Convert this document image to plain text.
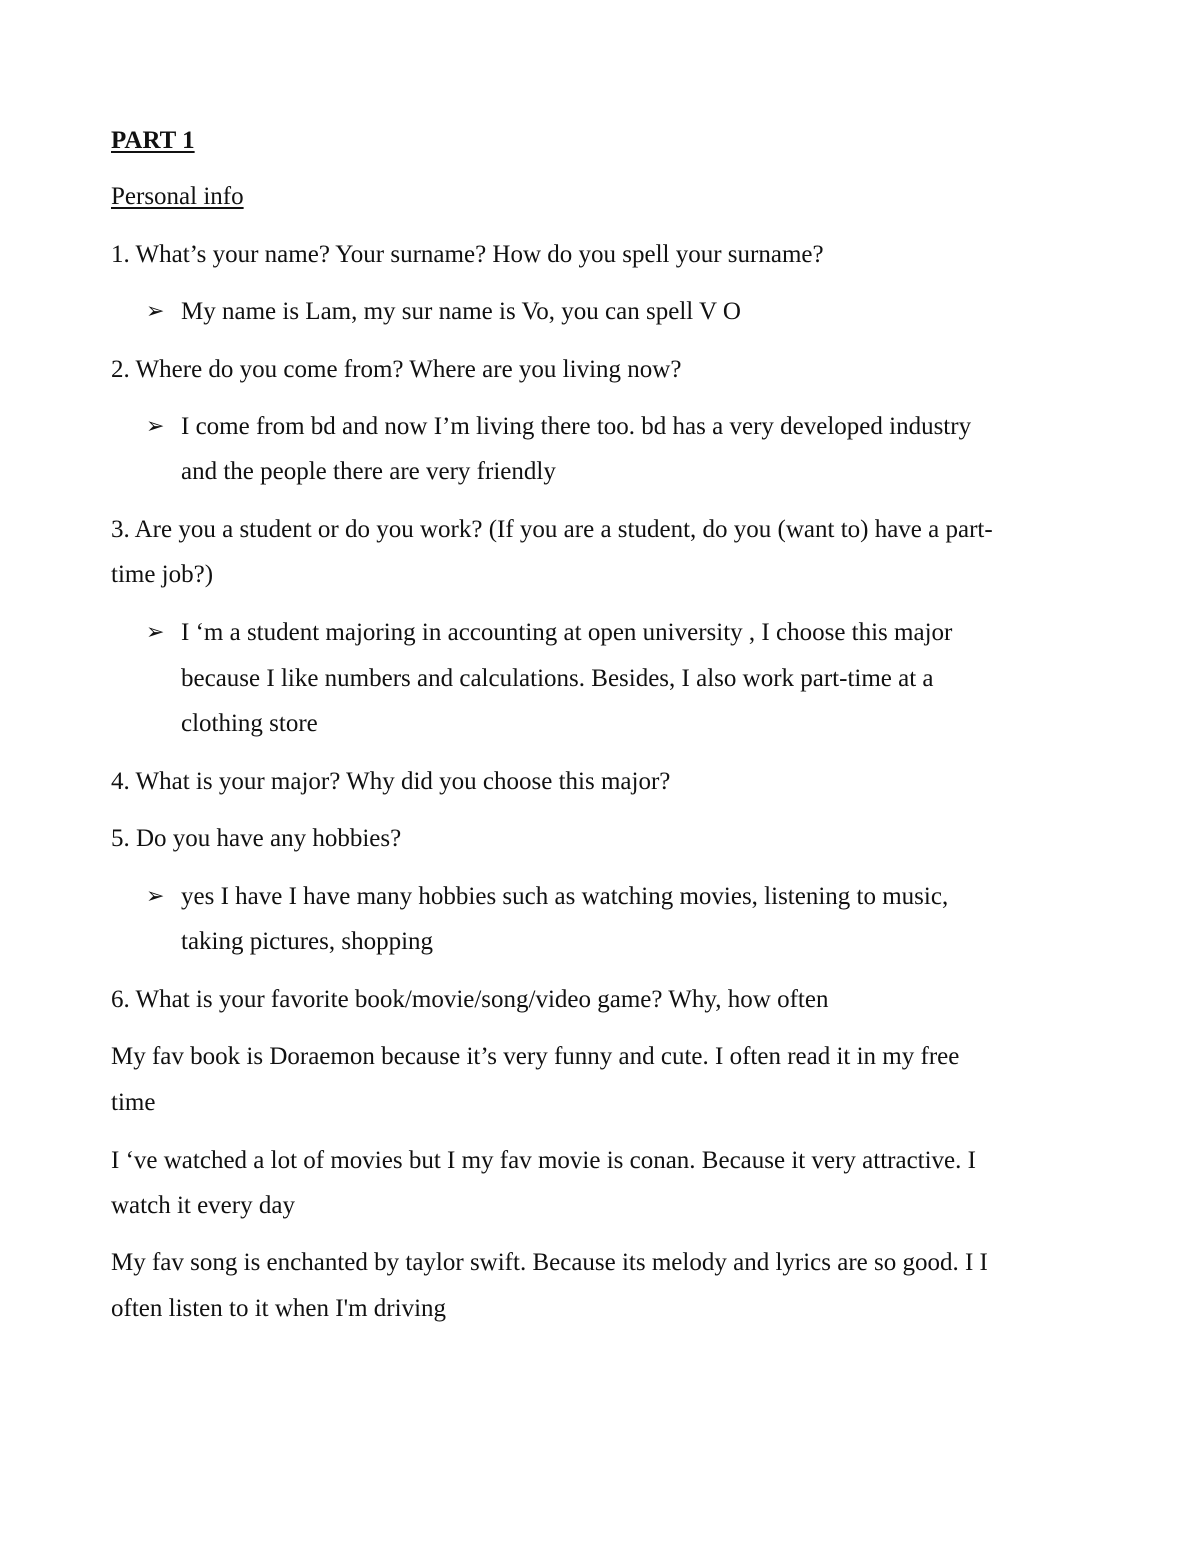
PART 1
Personal info
1. What’s your name? Your surname? How do you spell your surname?
➢ My name is Lam, my sur name is Vo, you can spell V O
2. Where do you come from? Where are you living now?
➢ I come from bd and now I’m living there too. bd has a very developed industry
and the people there are very friendly
3. Are you a student or do you work? (If you are a student, do you (want to) have a part-
time job?)
➢ I ‘m a student majoring in accounting at open university , I choose this major
because I like numbers and calculations. Besides, I also work part-time at a
clothing store
4. What is your major? Why did you choose this major?
5. Do you have any hobbies?
➢ yes I have I have many hobbies such as watching movies, listening to music,
taking pictures, shopping
6. What is your favorite book/movie/song/video game? Why, how often
My fav book is Doraemon because it’s very funny and cute. I often read it in my free
time
I ‘ve watched a lot of movies but I my fav movie is conan. Because it very attractive. I
watch it every day
My fav song is enchanted by taylor swift. Because its melody and lyrics are so good. I I
often listen to it when I'm driving
